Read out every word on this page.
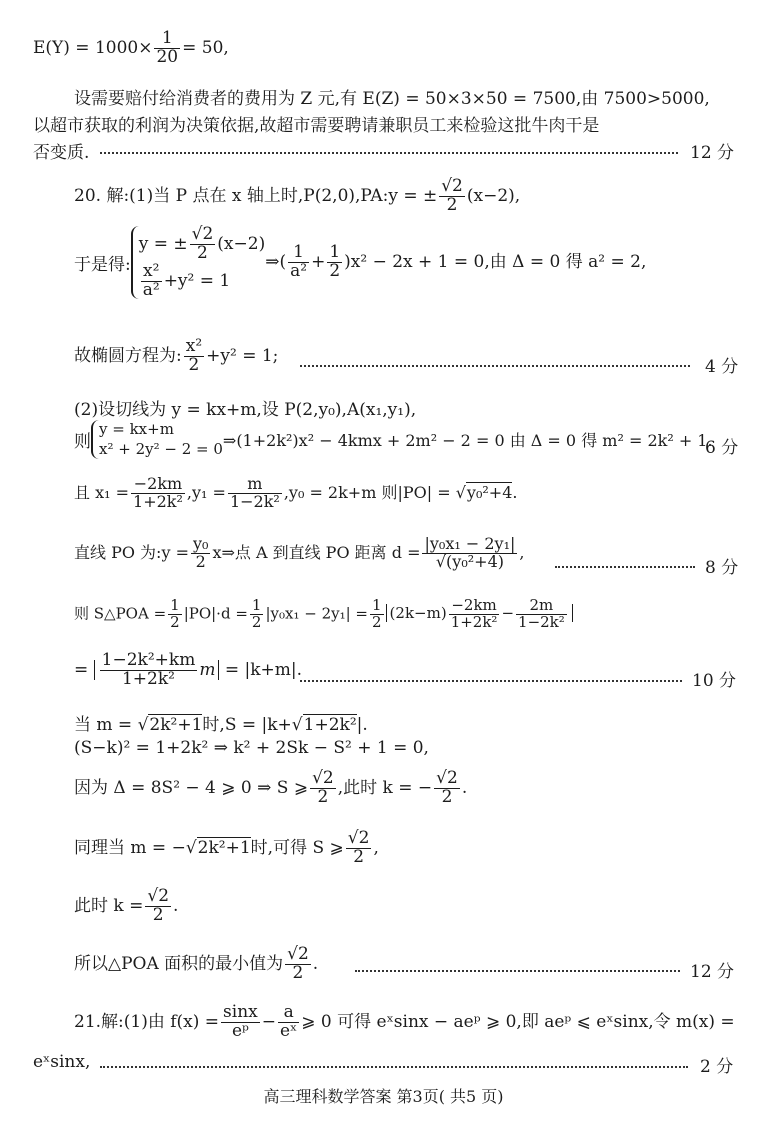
$E(Y) = 1000\times \frac{1}{20} = 50$,
设需要赔付给消费者的费用为 Z 元,有 E(Z) = 50×3×50 = 7500,由 7500>5000,
以超市获取的利润为决策依据,故超市需要聘请兼职员工来检验这批牛肉干是
否变质.	12 分
20. 解:(1)当 P 点在 x 轴上时,P(2,0),PA:y = ± $\frac{√2}{2} (x-2)$,
于是得:
y = ± $\frac{√2}{2} (x-2)$
$\frac{\text{x²}}{\text{a²}} +y^2 = 1$
⇒( $\frac{1}{\text{a²}} + \frac{1}{2} )x^2 - 2x + 1 = 0$,由 Δ = 0 得 a² = 2,
故椭圆方程为: $\frac{\text{x²}}{2} +y^2 = 1$;
4 分
(2)设切线为 y = kx+m,设 P(2,y₀),A(x₁,y₁),
则
y = kx+m
x² + 2y² − 2 = 0 ⇒(1+2k²)x² − 4kmx + 2m² − 2 = 0 由 Δ = 0 得 m² = 2k² + 1.
6 分
且 $x_1 = \frac{-2km}{\text{1+2k²}} ,y_1 = \frac{m}{\text{1−2k²}} ,y_0 = 2k+m$ 则|PO| = √y₀²+4.
直线 PO 为:y = $\frac{\text{y₀}}{2}$ x⇒点 A 到直线 PO 距离 $d = \frac{\text{|y₀x₁ − 2y₁|}}{\text{√(y₀²+4)}}$ ,
8 分
则 S△POA = $\frac{1}{2} |PO|\cdot d = \frac{1}{2} |y_0x_1 - 2y_1| = \frac{1}{2} (2k-m) \frac{-2km}{\text{1+2k²}} - \frac{2m}{\text{1−2k²}}$
= $\frac{\text{1−2k²+km}}{\text{1+2k²}}$ m = |k+m|.
10 分
当 m = √2k²+1时,S = |k+√1+2k²|.
(S−k)² = 1+2k² ⇒ k² + 2Sk − S² + 1 = 0,
因为 Δ = 8S² − 4 ⩾ 0 ⇒ S ⩾ $\frac{√2}{2}$ ,此时 k = − $\frac{√2}{2}$ .
同理当 m = −√2k²+1时,可得 S ⩾ $\frac{√2}{2}$ ,
此时 $k = \frac{√2}{2}$ .
所以△POA 面积的最小值为 $\frac{√2}{2}$ .	12 分
21.解:(1)由 $f(x) = \frac{\sin x}{\text{eᵖ}} - \frac{a}{\text{eˣ}}$ ⩾ 0 可得 eˣsinx − aeᵖ ⩾ 0,即 aeᵖ ⩽ eˣsinx,令 m(x) =
eˣsinx,	2 分
高三理科数学答案 第3页( 共5 页)
